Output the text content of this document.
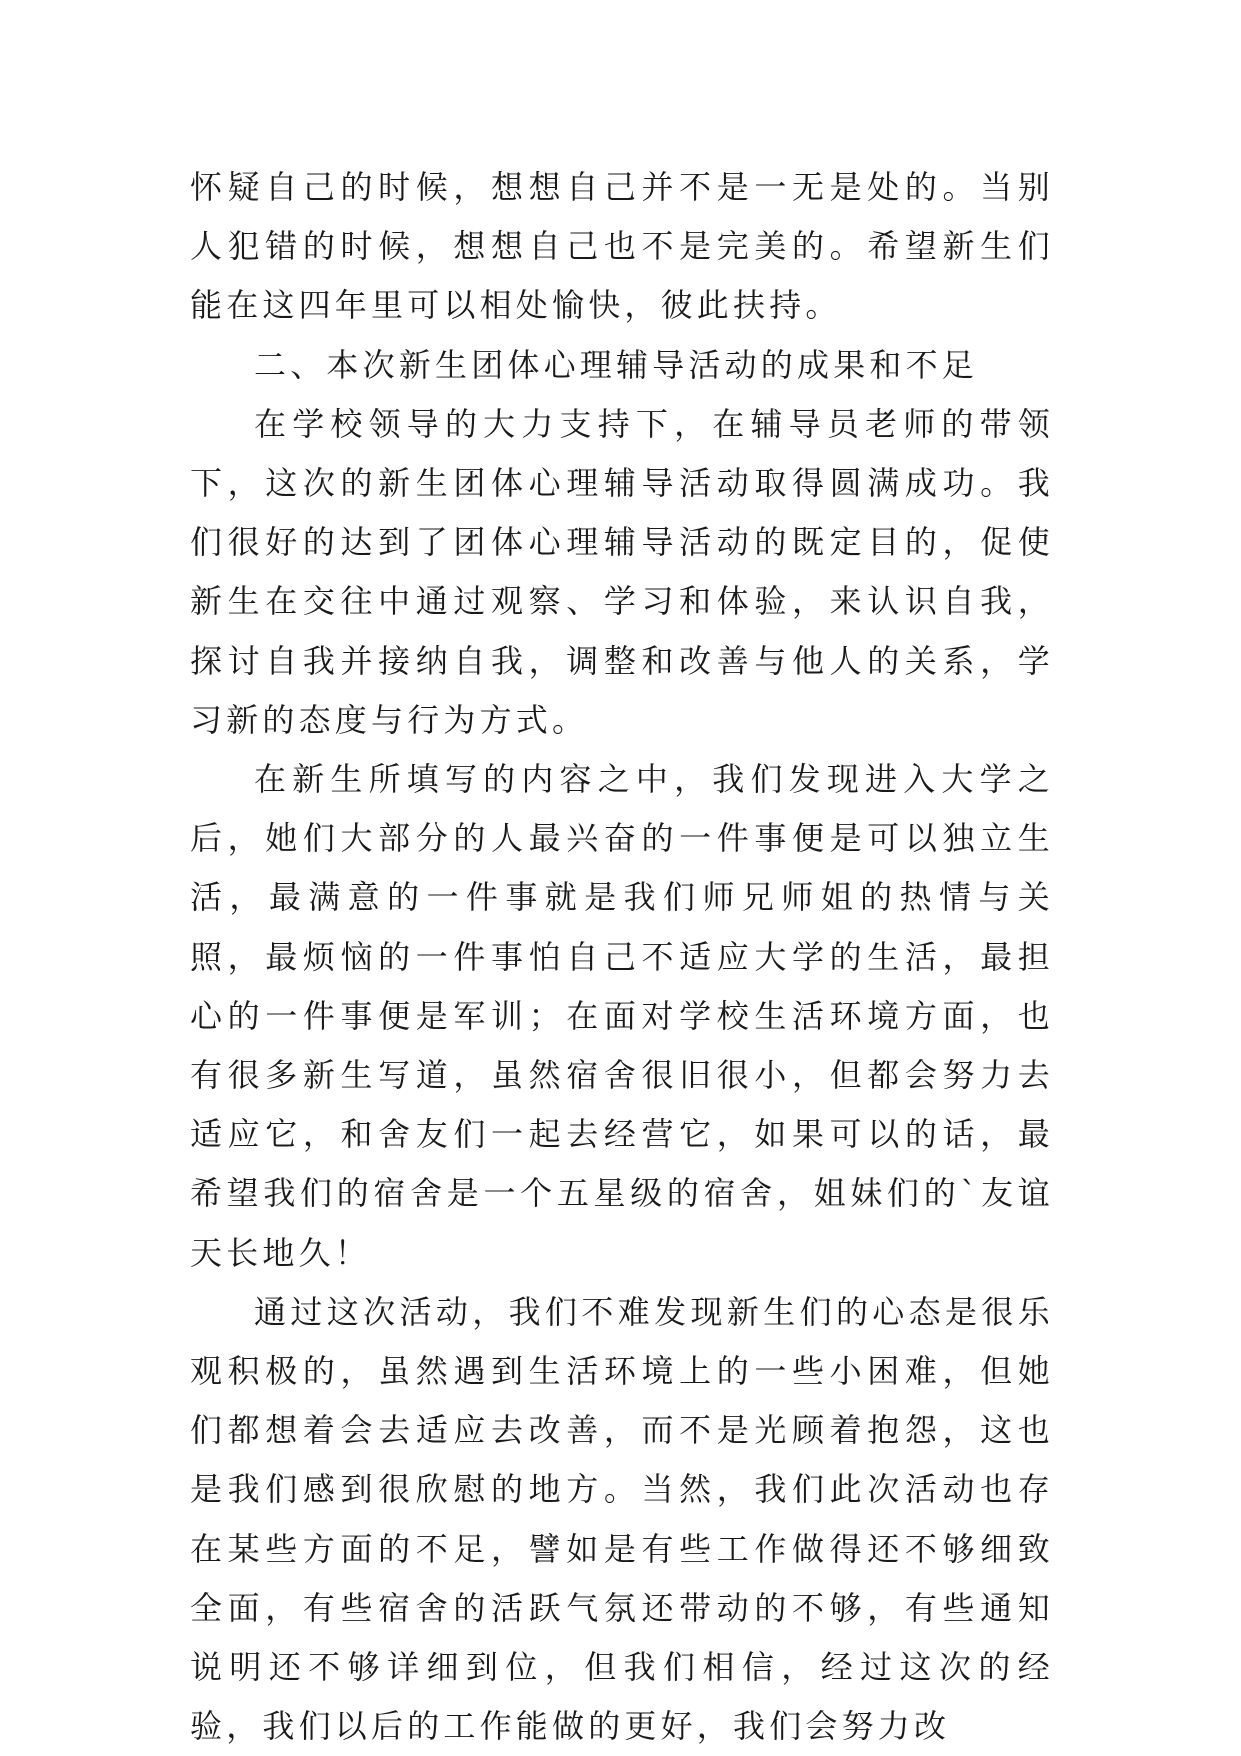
怀疑自己的时候，想想自己并不是一无是处的。当别人犯错的时候，想想自己也不是完美的。希望新生们能在这四年里可以相处愉快，彼此扶持。

二、本次新生团体心理辅导活动的成果和不足

在学校领导的大力支持下，在辅导员老师的带领下，这次的新生团体心理辅导活动取得圆满成功。我们很好的达到了团体心理辅导活动的既定目的，促使新生在交往中通过观察、学习和体验，来认识自我，探讨自我并接纳自我，调整和改善与他人的关系，学习新的态度与行为方式。

在新生所填写的内容之中，我们发现进入大学之后，她们大部分的人最兴奋的一件事便是可以独立生活，最满意的一件事就是我们师兄师姐的热情与关照，最烦恼的一件事怕自己不适应大学的生活，最担心的一件事便是军训；在面对学校生活环境方面，也有很多新生写道，虽然宿舍很旧很小，但都会努力去适应它，和舍友们一起去经营它，如果可以的话，最希望我们的宿舍是一个五星级的宿舍，姐妹们的`友谊天长地久！

通过这次活动，我们不难发现新生们的心态是很乐观积极的，虽然遇到生活环境上的一些小困难，但她们都想着会去适应去改善，而不是光顾着抱怨，这也是我们感到很欣慰的地方。当然，我们此次活动也存在某些方面的不足，譬如是有些工作做得还不够细致全面，有些宿舍的活跃气氛还带动的不够，有些通知说明还不够详细到位，但我们相信，经过这次的经验，我们以后的工作能做的更好，我们会努力改
